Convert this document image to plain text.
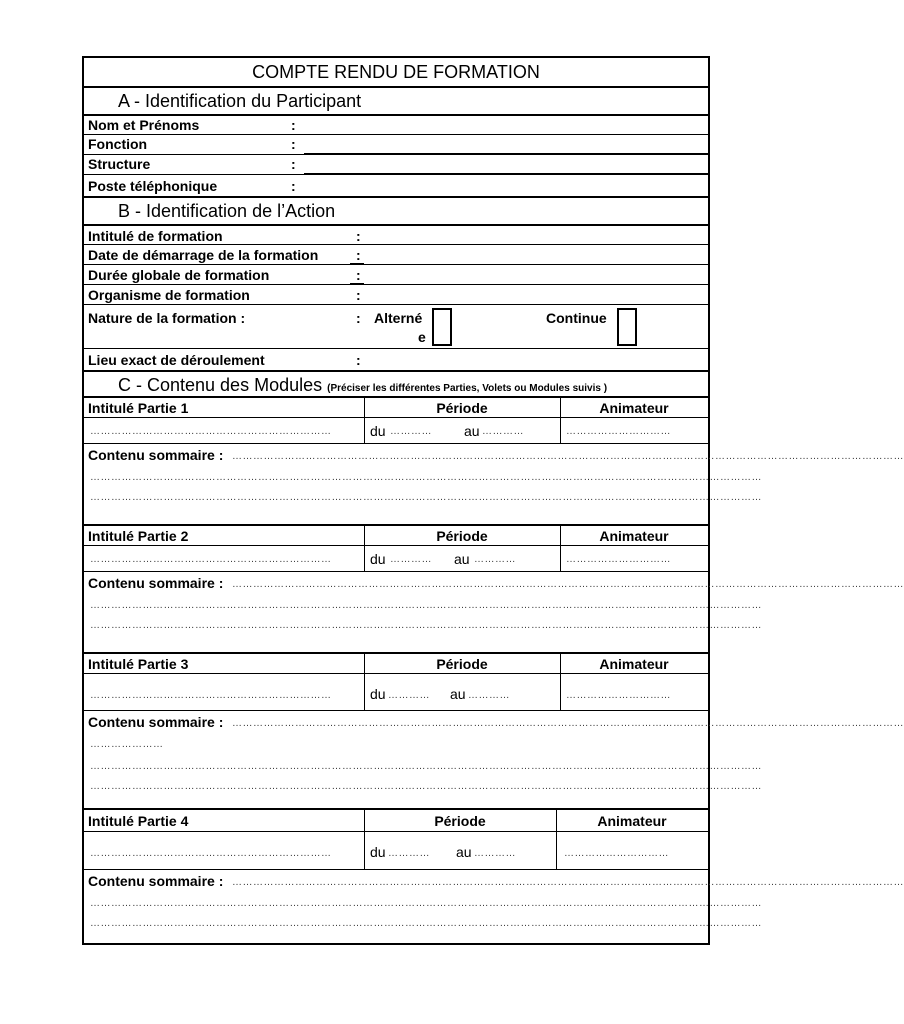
COMPTE RENDU DE FORMATION
A - Identification du Participant
Nom et Prénoms	:
Fonction	:
Structure	:
Poste téléphonique	:
B - Identification de l’Action
Intitulé de formation	:
Date de démarrage de la formation	:
Durée globale de formation	:
Organisme de formation	:
Nature de la formation :	: Alterné
e
Continue
Lieu exact de déroulement	:
C - Contenu des Modules (Préciser les différentes Parties, Volets ou Modules suivis )
Intitulé Partie 1	Période	Animateur
……………………………………………………………	du …………	au …………	…………………………
Contenu sommaire : …………………………………………………………………………………………………………………………………………………………………………
…………………………………………………………………………………………………………………………………………………………………………
…………………………………………………………………………………………………………………………………………………………………………
Intitulé Partie 2	Période	Animateur
……………………………………………………………	du …………	au …………	…………………………
Contenu sommaire : …………………………………………………………………………………………………………………………………………………………………………
…………………………………………………………………………………………………………………………………………………………………………
…………………………………………………………………………………………………………………………………………………………………………
Intitulé Partie 3	Période	Animateur
……………………………………………………………	du …………	au …………	…………………………
Contenu sommaire : …………………………………………………………………………………………………………………………………………………………………………
…………………
…………………………………………………………………………………………………………………………………………………………………………
…………………………………………………………………………………………………………………………………………………………………………
Intitulé Partie 4	Période	Animateur
……………………………………………………………	du …………	au …………	…………………………
Contenu sommaire : …………………………………………………………………………………………………………………………………………………………………………
…………………………………………………………………………………………………………………………………………………………………………
…………………………………………………………………………………………………………………………………………………………………………
